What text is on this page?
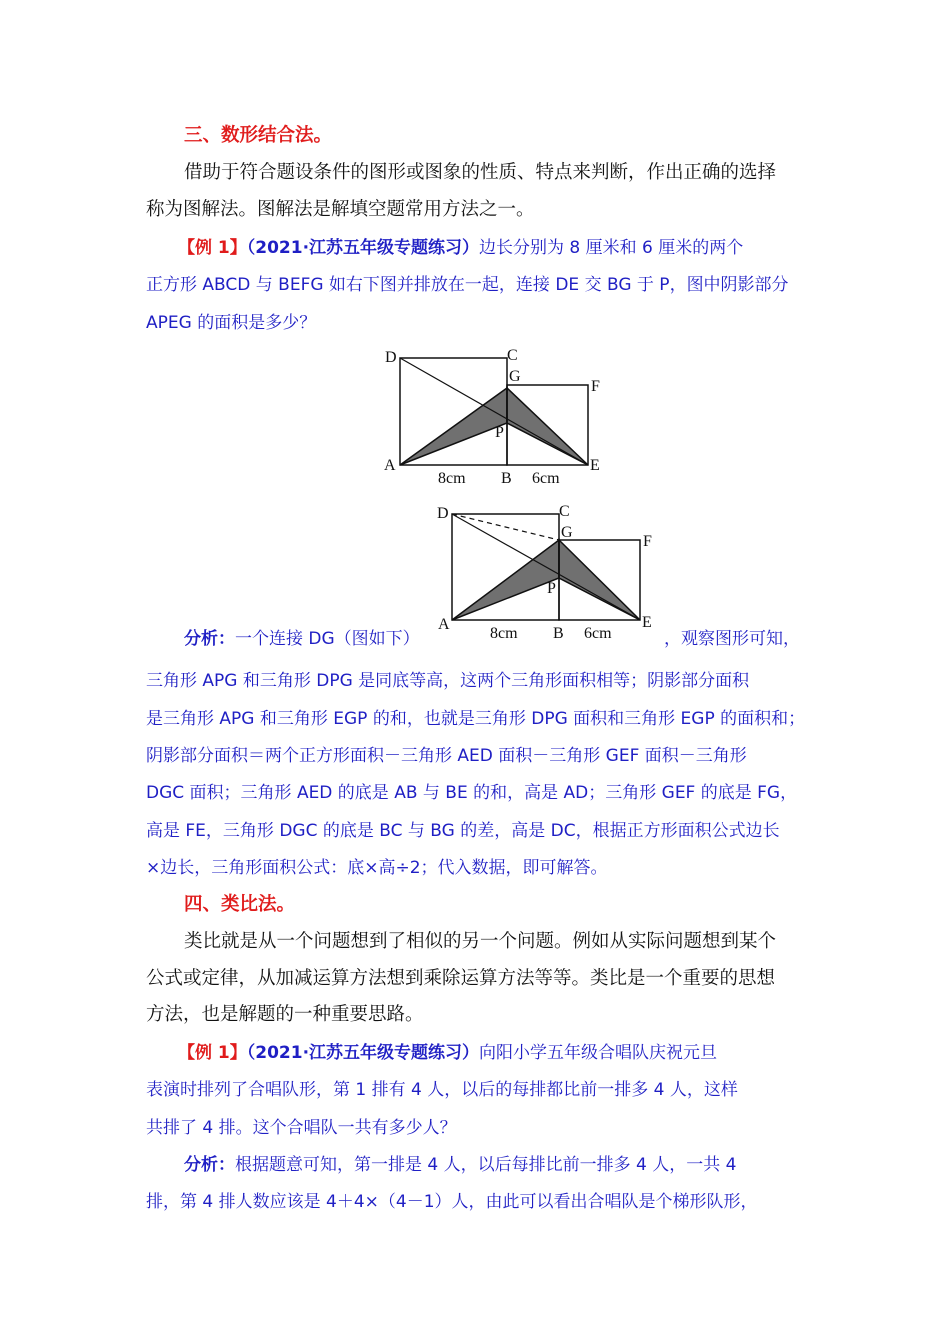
三、数形结合法。
借助于符合题设条件的图形或图象的性质、特点来判断，作出正确的选择
称为图解法。图解法是解填空题常用方法之一。
【例 1】（2021·江苏五年级专题练习）边长分别为 8 厘米和 6 厘米的两个
正方形 ABCD 与 BEFG 如右下图并排放在一起，连接 DE 交 BG 于 P，图中阴影部分
APEG 的面积是多少？
D	C
G
F
P
A
B
E
8cm	6cm
D	C
G
F
P
A
B
E
8cm	6cm
分析：一个连接 DG（图如下）	，观察图形可知，
三角形 APG 和三角形 DPG 是同底等高，这两个三角形面积相等；阴影部分面积
是三角形 APG 和三角形 EGP 的和，也就是三角形 DPG 面积和三角形 EGP 的面积和；
阴影部分面积＝两个正方形面积－三角形 AED 面积－三角形 GEF 面积－三角形
DGC 面积；三角形 AED 的底是 AB 与 BE 的和，高是 AD；三角形 GEF 的底是 FG，
高是 FE，三角形 DGC 的底是 BC 与 BG 的差，高是 DC，根据正方形面积公式边长
×边长，三角形面积公式：底×高÷2；代入数据，即可解答。
四、类比法。
类比就是从一个问题想到了相似的另一个问题。例如从实际问题想到某个
公式或定律，从加减运算方法想到乘除运算方法等等。类比是一个重要的思想
方法，也是解题的一种重要思路。
【例 1】（2021·江苏五年级专题练习）向阳小学五年级合唱队庆祝元旦
表演时排列了合唱队形，第 1 排有 4 人，以后的每排都比前一排多 4 人，这样
共排了 4 排。这个合唱队一共有多少人？
分析：根据题意可知，第一排是 4 人，以后每排比前一排多 4 人，一共 4
排，第 4 排人数应该是 4＋4×（4－1）人，由此可以看出合唱队是个梯形队形，
